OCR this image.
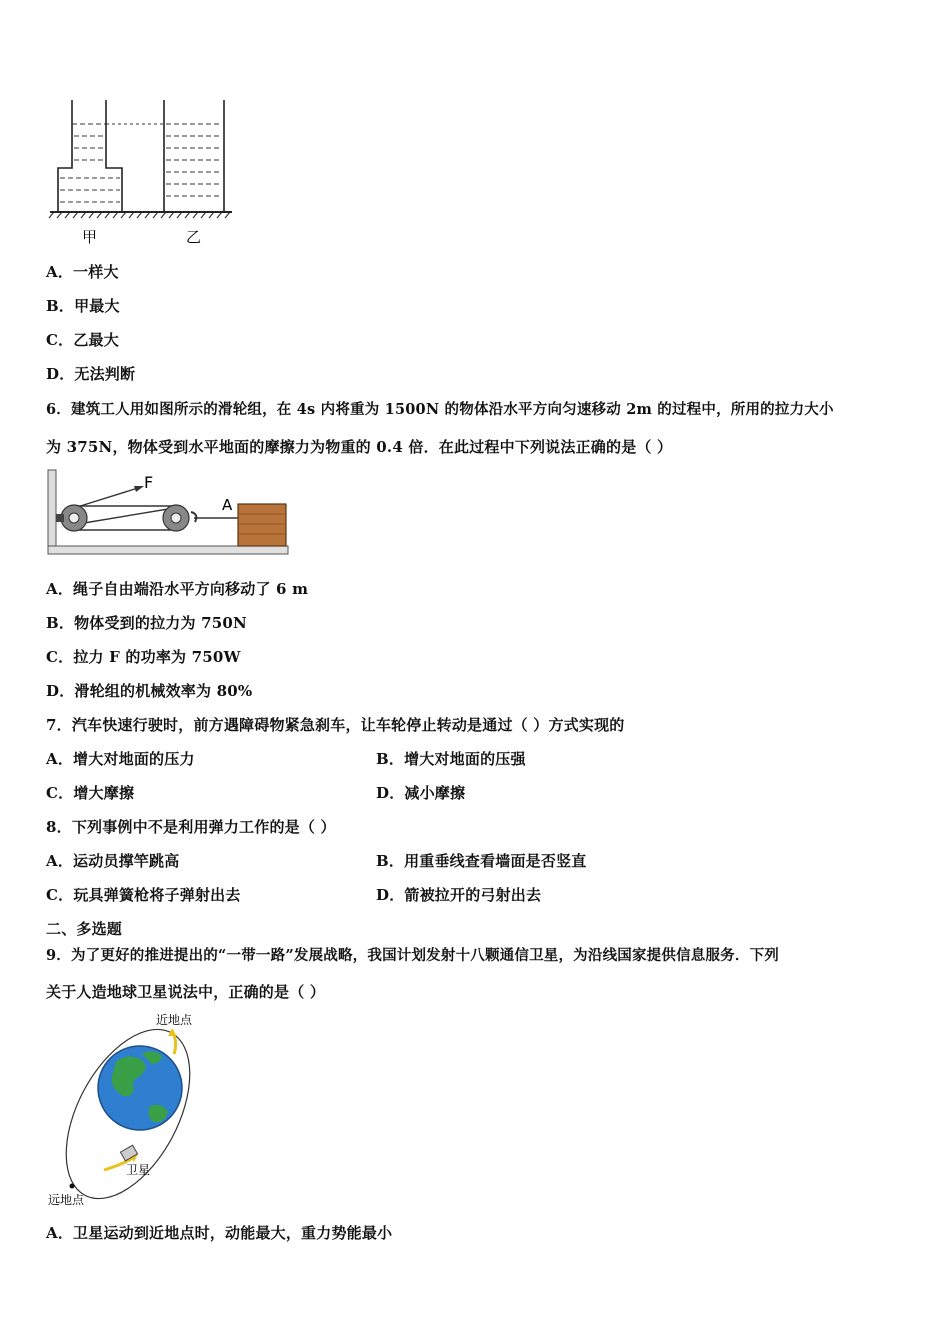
甲	乙
A．一样大
B．甲最大
C．乙最大
D．无法判断
6．建筑工人用如图所示的滑轮组，在 4s 内将重为 1500N 的物体沿水平方向匀速移动 2m 的过程中，所用的拉力大小
为 375N，物体受到水平地面的摩擦力为物重的 0.4 倍．在此过程中下列说法正确的是（ ）
F
A
A．绳子自由端沿水平方向移动了 6 m
B．物体受到的拉力为 750N
C．拉力 F 的功率为 750W
D．滑轮组的机械效率为 80%
7．汽车快速行驶时，前方遇障碍物紧急刹车，让车轮停止转动是通过（ ）方式实现的
A．增大对地面的压力	B．增大对地面的压强
C．增大摩擦	D．减小摩擦
8．下列事例中不是利用弹力工作的是（ ）
A．运动员撑竿跳高	B．用重垂线查看墙面是否竖直
C．玩具弹簧枪将子弹射出去	D．箭被拉开的弓射出去
二、多选题
9．为了更好的推进提出的“一带一路”发展战略，我国计划发射十八颗通信卫星，为沿线国家提供信息服务．下列
关于人造地球卫星说法中，正确的是（ ）
近地点
卫星
远地点
A．卫星运动到近地点时，动能最大，重力势能最小
